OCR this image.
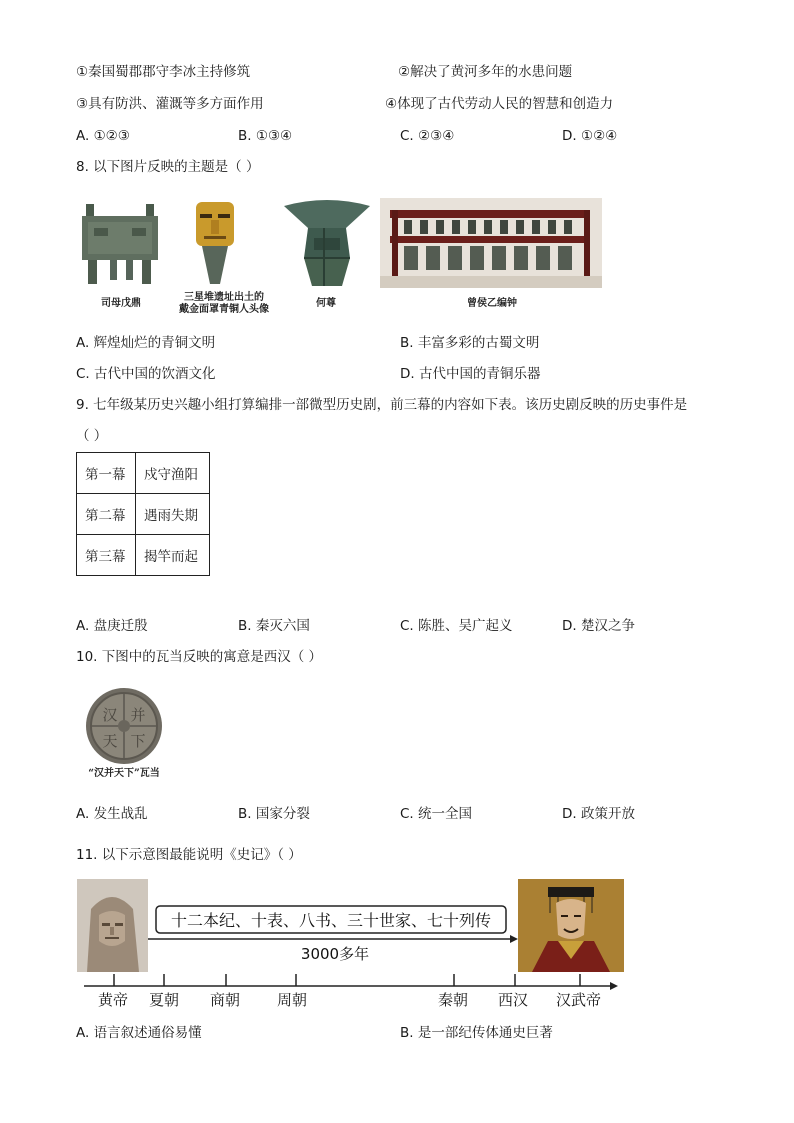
①秦国蜀郡郡守李冰主持修筑	②解决了黄河多年的水患问题
③具有防洪、灌溉等多方面作用	④体现了古代劳动人民的智慧和创造力
A. ①②③	B. ①③④	C. ②③④	D. ①②④
8. 以下图片反映的主题是（ ）
司母戊鼎
三星堆遗址出土的
戴金面罩青铜人头像
何尊	曾侯乙编钟
A. 辉煌灿烂的青铜文明	B. 丰富多彩的古蜀文明
C. 古代中国的饮酒文化	D. 古代中国的青铜乐器
9. 七年级某历史兴趣小组打算编排一部微型历史剧，前三幕的内容如下表。该历史剧反映的历史事件是
（ ）
第一幕	戍守渔阳
第二幕	遇雨失期
第三幕	揭竿而起
A. 盘庚迁殷	B. 秦灭六国	C. 陈胜、吴广起义	D. 楚汉之争
10. 下图中的瓦当反映的寓意是西汉（ ）
汉 并
天 下
“汉并天下”瓦当
A. 发生战乱	B. 国家分裂	C. 统一全国	D. 政策开放
11. 以下示意图最能说明《史记》（ ）
十二本纪、十表、八书、三十世家、七十列传
3000多年
黄帝 夏朝 商朝 周朝	秦朝 西汉 汉武帝
A. 语言叙述通俗易懂	B. 是一部纪传体通史巨著
